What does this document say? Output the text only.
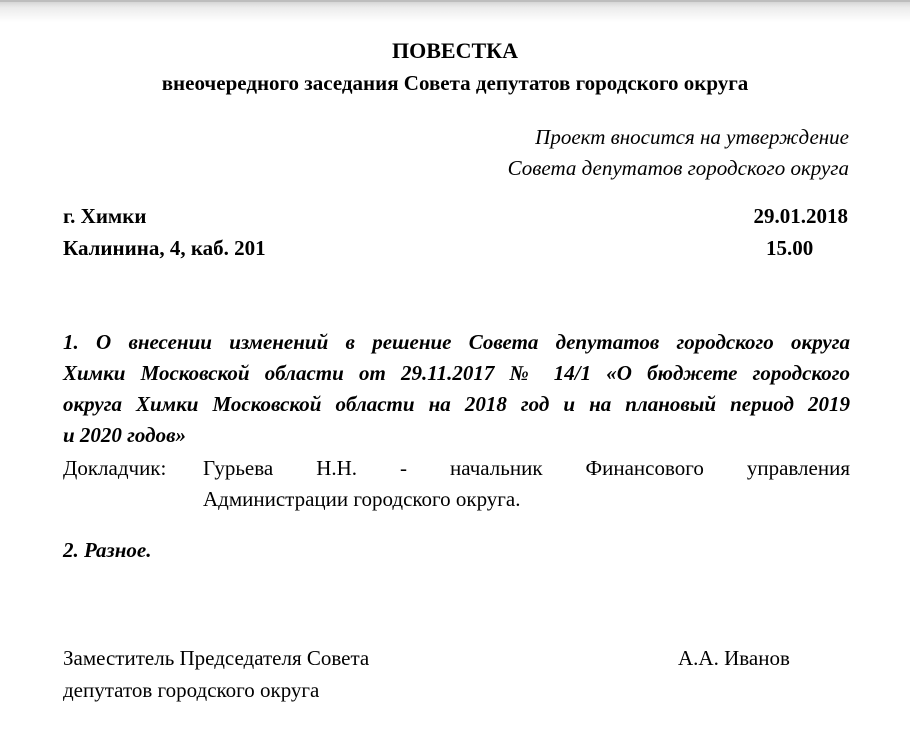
ПОВЕСТКА
внеочередного заседания Совета депутатов городского округа
Проект вносится на утверждение
Совета депутатов городского округа
г. Химки	29.01.2018
Калинина, 4, каб. 201	15.00
1. О внесении изменений в решение Совета депутатов городского округа
Химки Московской области от 29.11.2017 № 14/1 «О бюджете городского
округа Химки Московской области на 2018 год и на плановый период 2019
и 2020 годов»
Докладчик: Гурьева Н.Н. - начальник Финансового управления
Администрации городского округа.
2. Разное.
Заместитель Председателя Совета
депутатов городского округа
А.А. Иванов
